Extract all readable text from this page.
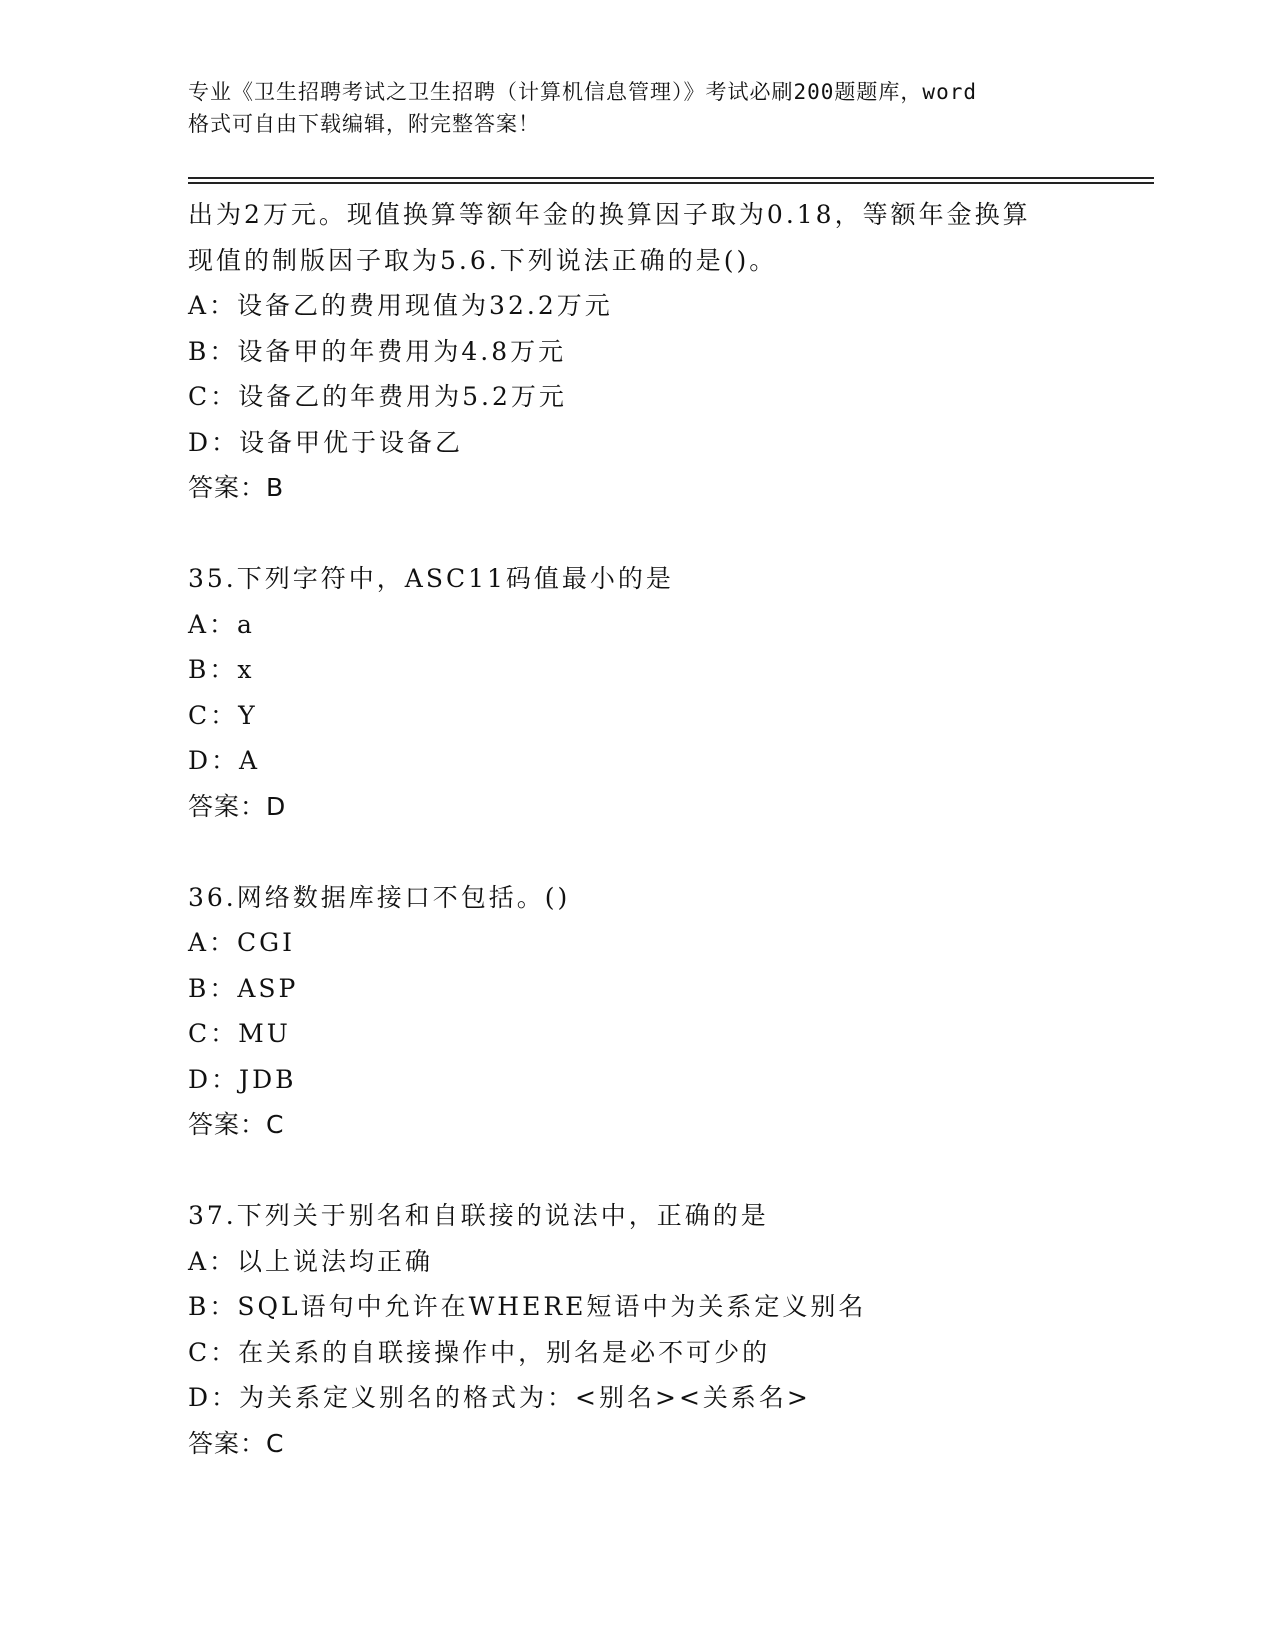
专业《卫生招聘考试之卫生招聘（计算机信息管理）》考试必刷200题题库，word
格式可自由下载编辑，附完整答案！
出为2万元。现值换算等额年金的换算因子取为0.18，等额年金换算
现值的制版因子取为5.6.下列说法正确的是()。
A：设备乙的费用现值为32.2万元
B：设备甲的年费用为4.8万元
C：设备乙的年费用为5.2万元
D：设备甲优于设备乙
答案：B
35.下列字符中，ASC11码值最小的是
A：a
B：x
C：Y
D：A
答案：D
36.网络数据库接口不包括。()
A：CGI
B：ASP
C：MU
D：JDB
答案：C
37.下列关于别名和自联接的说法中，正确的是
A：以上说法均正确
B：SQL语句中允许在WHERE短语中为关系定义别名
C：在关系的自联接操作中，别名是必不可少的
D：为关系定义别名的格式为：<别名><关系名>
答案：C
